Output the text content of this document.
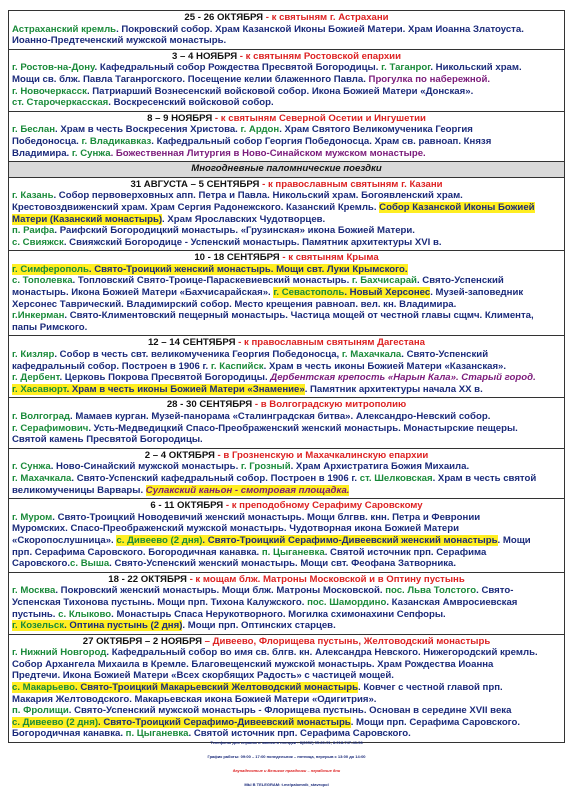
25 - 26 ОКТЯБРЯ - к святыням г. Астрахани
Астраханский кремль. Покровский собор. Храм Казанской Иконы Божией Матери. Храм Иоанна Златоуста.
Иоанно-Предтеченский мужской монастырь.

3 – 4 НОЯБРЯ - к святыням Ростовской епархии
г. Ростов-на-Дону. Кафедральный собор Рождества Пресвятой Богородицы. г. Таганрог. Никольский храм.
Мощи св. блж. Павла Таганрогского. Посещение келии блаженного Павла. Прогулка по набережной.
г. Новочеркасск. Патриарший Вознесенский войсковой собор. Икона Божией Матери «Донская».
ст. Старочеркасская. Воскресенский войсковой собор.

8 – 9 НОЯБРЯ - к святыням Северной Осетии и Ингушетии
г. Беслан. Храм в честь Воскресения Христова. г. Ардон. Храм Святого Великомученика Георгия
Победоносца. г. Владикавказ. Кафедральный собор Георгия Победоносца. Храм св. равноап. Князя
Владимира. г. Сунжа. Божественная Литургия в Ново-Синайском мужском монастыре.

Многодневные паломнические поездки

31 АВГУСТА – 5 СЕНТЯБРЯ - к православным святыням г. Казани
г. Казань. Собор первоверховных апп. Петра и Павла. Никольский храм. Богоявленский храм.
Крестовоздвиженский храм. Храм Сергия Радонежского. Казанский Кремль. Собор Казанской Иконы Божией
Матери (Казанский монастырь). Храм Ярославских Чудотворцев.
п. Раифа. Раифский Богородицкий монастырь. «Грузинская» икона Божией Матери.
с. Свияжск. Свияжский Богородице - Успенский монастырь. Памятник архитектуры XVI в.

10 - 18 СЕНТЯБРЯ - к святыням Крыма
г. Симферополь. Свято-Троицкий женский монастырь. Мощи свт. Луки Крымского.
с. Тополевка. Топловский Свято-Троице-Параскевиевский монастырь. г. Бахчисарай. Свято-Успенский
монастырь. Икона Божией Матери «Бахчисарайская». г. Севастополь. Новый Херсонес. Музей-заповедник
Херсонес Таврический. Владимирский собор. Место крещения равноап. вел. кн. Владимира.
г.Инкерман. Свято-Климентовский пещерный монастырь. Частица мощей от честной главы сщмч. Климента,
папы Римского.

12 – 14 СЕНТЯБРЯ - к православным святыням Дагестана
г. Кизляр. Собор в честь свт. великомученика Георгия Победоносца, г. Махачкала. Свято-Успенский
кафедральный собор. Построен в 1906 г. г. Каспийск. Храм в честь иконы Божией Матери «Казанская».
г. Дербент. Церковь Покрова Пресвятой Богородицы. Дербентская крепость «Нарын Кала». Старый город.
г. Хасавюрт. Храм в честь иконы Божией Матери «Знамение». Памятник архитектуры начала ХХ в.

28 - 30 СЕНТЯБРЯ - в Волгоградскую митрополию
г. Волгоград. Мамаев курган. Музей-панорама «Сталинградская битва». Александро-Невский собор.
г. Серафимович. Усть-Медведицкий Спасо-Преображенский женский монастырь. Монастырские пещеры.
Святой камень Пресвятой Богородицы.

2 – 4 ОКТЯБРЯ - в Грозненскую и Махачкалинскую епархии
г. Сунжа. Ново-Синайский мужской монастырь. г. Грозный. Храм Архистратига Божия Михаила.
г. Махачкала. Свято-Успенский кафедральный собор. Построен в 1906 г. ст. Шелковская. Храм в честь святой
великомученицы Варвары. Сулакский каньон - смотровая площадка.

6 - 11 ОКТЯБРЯ - к преподобному Серафиму Саровскому
г. Муром. Свято-Троицкий Новодевичий женский монастырь. Мощи блгвв. кнн. Петра и Февронии
Муромских. Спасо-Преображенский мужской монастырь. Чудотворная икона Божией Матери
«Скоропослушница». с. Дивеево (2 дня). Свято-Троицкий Серафимо-Дивеевский женский монастырь. Мощи
прп. Серафима Саровского. Богородичная канавка. п. Цыганевка. Святой источник прп. Серафима
Саровского.с. Выша. Свято-Успенский женский монастырь. Мощи свт. Феофана Затворника.

18 - 22 ОКТЯБРЯ - к мощам блж. Матроны Московской и в Оптину пустынь
г. Москва. Покровский женский монастырь. Мощи блж. Матроны Московской. пос. Льва Толстого. Свято-
Успенская Тихонова пустынь. Мощи прп. Тихона Калужского. пос. Шамордино. Казанская Амвросиевская
пустынь. с. Клыково. Монастырь Спаса Нерукотворного. Могилка схимонахини Сепфоры.
г. Козельск. Оптина пустынь (2 дня). Мощи прп. Оптинских старцев.

27 ОКТЯБРЯ – 2 НОЯБРЯ – Дивеево, Флорищева пустынь, Желтоводский монастырь
г. Нижний Новгород. Кафедральный собор во имя св. блгв. кн. Александра Невского. Нижегородский кремль.
Собор Архангела Михаила в Кремле. Благовещенский мужской монастырь. Храм Рождества Иоанна
Предтечи. Икона Божией Матери «Всех скорбящих Радость» с частицей мощей.
с. Макарьево. Свято-Троицкий Макарьевский Желтоводский монастырь. Ковчег с честной главой прп.
Макария Желтоводского. Макарьевская икона Божией Матери «Одигитрия».
п. Фролищи. Свято-Успенский мужской монастырь - Флорищева пустынь. Основан в середине XVII века
с. Дивеево (2 дня). Свято-Троицкий Серафимо-Дивеевский монастырь. Мощи прп. Серафима Саровского.
Богородичная канавка. п. Цыганевка. Святой источник прп. Серафима Саровского.
Телефоны для справок и записи в поездки : 8(8652) 35-80-51, 8-918-747-43-56
График работы: 09:00 – 17:00 понедельник – пятница, перерыв с 13:00 до 14:00
двунадесятые и Великие праздники – нерабочие дни
МЫ В TELEGRAM: t.me/palomnik_stavropol
